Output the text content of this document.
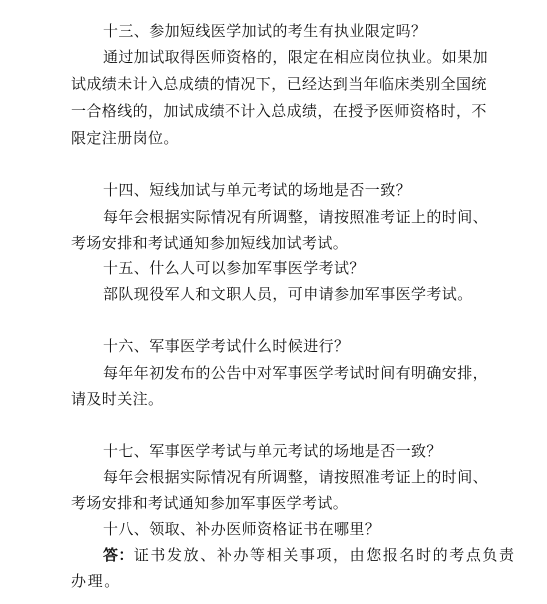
十三、参加短线医学加试的考生有执业限定吗？
通过加试取得医师资格的，限定在相应岗位执业。如果加
试成绩未计入总成绩的情况下，已经达到当年临床类别全国统
一合格线的，加试成绩不计入总成绩，在授予医师资格时，不
限定注册岗位。
十四、短线加试与单元考试的场地是否一致？
每年会根据实际情况有所调整，请按照准考证上的时间、
考场安排和考试通知参加短线加试考试。
十五、什么人可以参加军事医学考试？
部队现役军人和文职人员，可申请参加军事医学考试。
十六、军事医学考试什么时候进行？
每年年初发布的公告中对军事医学考试时间有明确安排，
请及时关注。
十七、军事医学考试与单元考试的场地是否一致？
每年会根据实际情况有所调整，请按照准考证上的时间、
考场安排和考试通知参加军事医学考试。
十八、领取、补办医师资格证书在哪里？
答：证书发放、补办等相关事项，由您报名时的考点负责
办理。
